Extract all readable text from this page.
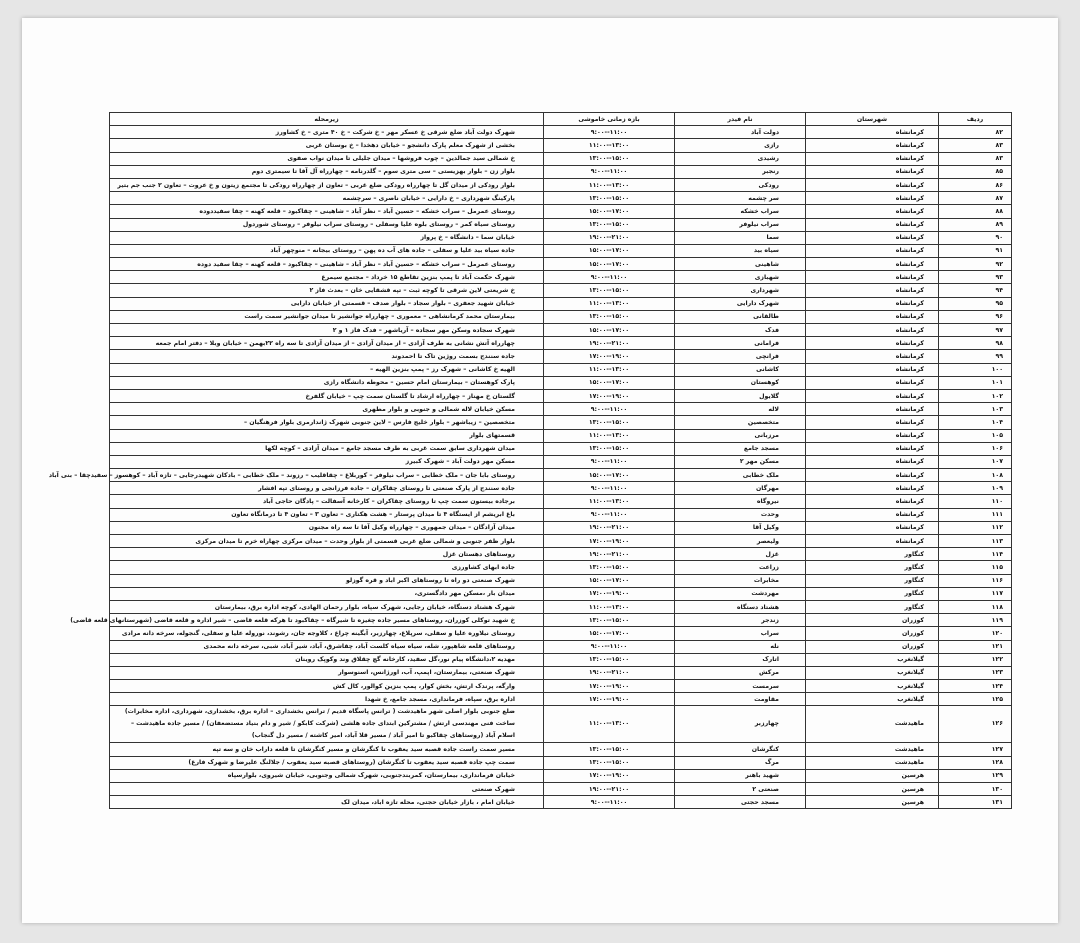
ردیف	شهرستان	نام فیدر	بازه زمانی خاموشی	زیرمحله
۸۲	کرمانشاه	دولت آباد	۹:۰۰--۱۱:۰۰	شهرک دولت آباد ضلع شرقی خ عسکر مهر – خ شرکت – خ ۴۰ متری – خ کشاورز
۸۳	کرمانشاه	رازی	۱۱:۰۰--۱۳:۰۰	بخشی از شهرک معلم پارک دانشجو – خیابان دهخدا – خ بوستان غربی
۸۳	کرمانشاه	رشیدی	۱۳:۰۰--۱۵:۰۰	خ شمالی سید جمالدین – چوب فروشها – میدان جلیلی تا میدان نواب صفوی
۸۵	کرمانشاه	رنجبر	۹:۰۰--۱۱:۰۰	بلوار زن – بلوار بهزیستی – سی متری سوم – گلدرنامه – چهارراه آل آقا تا سیمتری دوم
۸۶	کرمانشاه	رودکی	۱۱:۰۰--۱۳:۰۰	بلوار رودکی از میدان گل تا چهارراه رودکی ضلع غربی – تعاون از چهارراه رودکی تا مجتمع زیتون و خ عروت – تعاون ۲ جنب جم بتیر
۸۷	کرمانشاه	سر چشمه	۱۳:۰۰--۱۵:۰۰	پارکینگ شهرداری – خ دارایی – خیابان ناصری – سرچشمه
۸۸	کرمانشاه	سراب خشکه	۱۵:۰۰--۱۷:۰۰	روستای عمرمل – سراب خشکه – حسین آباد – نظر آباد – شاهینی – چقاکبود – قلعه کهنه – چقا سفیددوده
۸۹	کرمانشاه	سراب نیلوفر	۱۳:۰۰--۱۵:۰۰	روستای سیاه کمر – روستای بلوه علیا وسفلی – روستای سراب نیلوفر – روستای شوردول
۹۰	کرمانشاه	سما	۱۹:۰۰--۲۱:۰۰	خیابان سما – دانشگاه – خ پرواز
۹۱	کرمانشاه	سیاه بید	۱۵:۰۰--۱۷:۰۰	جاده سیاه بید علیا و سفلی – جاده های آب ده پهن – روستای بیجانه – منوچهر آباد
۹۲	کرمانشاه	شاهینی	۱۵:۰۰--۱۷:۰۰	روستای عمرمل – سراب خشکه – حسین آباد – نظر آباد – شاهینی – چقاکبود – قلعه کهنه – چقا سفید دوده
۹۳	کرمانشاه	شهبازی	۹:۰۰--۱۱:۰۰	شهرک حکمت آباد تا پمپ بنزین تقاطع ۱۵ خرداد – مجتمع سیمرغ
۹۴	کرمانشاه	شهرداری	۱۳:۰۰--۱۵:۰۰	خ شریعتی لاین شرقی تا کوچه ثبت – تپه قشقایی خان – بعدث فاز ۲
۹۵	کرمانشاه	شهرک دارایی	۱۱:۰۰--۱۳:۰۰	خیابان شهید جعفری – بلوار سجاد – بلوار صدف – قسمتی از خیابان دارایی
۹۶	کرمانشاه	طالقانی	۱۳:۰۰--۱۵:۰۰	بیمارستان محمد کرمانشاهی – معموری – چهارراه جوانشیر تا میدان جوانشیر سمت راست
۹۷	کرمانشاه	فدک	۱۵:۰۰--۱۷:۰۰	شهرک سجاده وسکن مهر سجاده – آریاشهر – فدک فاز ۱ و ۲
۹۸	کرمانشاه	فرامانی	۱۹:۰۰--۲۱:۰۰	چهارراه آتش نشانی به طرف آزادی – از میدان آزادی – از میدان آزادی تا سه راه ۲۲بهمن – خیابان وبلا – دفتر امام جمعه
۹۹	کرمانشاه	فرانچی	۱۷:۰۰--۱۹:۰۰	جاده سنندج بسمت روژین تاک تا احمدوند
۱۰۰	کرمانشاه	کاشانی	۱۱:۰۰--۱۳:۰۰	الهیه خ کاشانی – شهرک رز – پمپ بنزین الهیه –
۱۰۱	کرمانشاه	کوهستان	۱۵:۰۰--۱۷:۰۰	پارک کوهستان – بیمارستان امام حسین – محوطه دانشگاه رازی
۱۰۲	کرمانشاه	گلایول	۱۷:۰۰--۱۹:۰۰	گلستان خ مهناز – چهارراه ارشاد تا گلستان سمت چپ – خیابان گلفرخ
۱۰۳	کرمانشاه	لاله	۹:۰۰--۱۱:۰۰	مسکن خیابان لاله شمالی و جنوبی و بلوار مطهری
۱۰۴	کرمانشاه	متخصصین	۱۳:۰۰--۱۵:۰۰	متخصصین – زیباشهر – بلوار خلیج فارس – لاین جنوبی شهرک ژاندارمری بلوار فرهنگیان –
۱۰۵	کرمانشاه	مرزبانی	۱۱:۰۰--۱۳:۰۰	قسمتهای بلوار
۱۰۶	کرمانشاه	مسجد جامع	۱۳:۰۰--۱۵:۰۰	میدان شهرداری سابق سمت غربی به طرف مسجد جامع – میدان آزادی – کوچه لکها
۱۰۷	کرمانشاه	مسکن مهر ۲	۹:۰۰--۱۱:۰۰	مسکن مهر دولت آباد – شهرک کبیرز
۱۰۸	کرمانشاه	ملک خطابی	۱۵:۰۰--۱۷:۰۰	روستای بابا جان – ملک خطابی – سراب نیلوفر – کوربلاغ – چقاقلیب – رزوند – ملک خطابی – بادکان شهیدرجایی – تازه آباد – کوهسوز – سفیدچقا – بنی آباد
۱۰۹	کرمانشاه	مهرگان	۹:۰۰--۱۱:۰۰	جاده سنندج از پارک صنعتی تا روستای چقاکران – جاده فرزانجی و روستای تپه افشار
۱۱۰	کرمانشاه	نیروگاه	۱۱:۰۰--۱۳:۰۰	برجاده بیستون سمت چپ تا روستای چقاکران – کارخانه آسفالت – پادگان حاجی آباد
۱۱۱	کرمانشاه	وحدت	۹:۰۰--۱۱:۰۰	باغ ابریشم از ایستگاه ۴ تا میدان پرستار – هشت هکتاری – تعاون ۳ – تعاون ۴ تا درمانگاه تعاون
۱۱۲	کرمانشاه	وکیل آقا	۱۹:۰۰--۲۱:۰۰	میدان آزادگان – میدان جمهوری – چهارراه وکیل آقا تا سه راه مجنون
۱۱۳	کرمانشاه	ولیعصر	۱۷:۰۰--۱۹:۰۰	بلوار ظفر جنوبی و شمالی ضلع غربی قسمتی از بلوار وحدت – میدان مرکزی چهاراه خرم تا میدان مرکزی
۱۱۴	کنگاور	غزل	۱۹:۰۰--۲۱:۰۰	روستاهای دهستان غزل
۱۱۵	کنگاور	زراعت	۱۳:۰۰--۱۵:۰۰	جاده ابهای کشاورزی
۱۱۶	کنگاور	مخابرات	۱۵:۰۰--۱۷:۰۰	شهرک صنعتی دو راه تا روستاهای اکبر اباد و قره گوزلو
۱۱۷	کنگاور	مهردشت	۱۷:۰۰--۱۹:۰۰	میدان بار ،مسکن مهر دادگستری،
۱۱۸	کنگاور	هشتاد دستگاه	۱۱:۰۰--۱۳:۰۰	شهرک هشتاد دستگاه، خیابان رجایی، شهرک سپاه، بلوار رحمان الهادی، کوچه اداره برق، بیمارستان
۱۱۹	کوزران	زندجر	۱۳:۰۰--۱۵:۰۰	خ شهید توکلی کوزران، روستاهای مسیر جاده چغیزه تا شیرگاه – چقاکبود تا هرکه قلعه قاضی – شیر اداره و قلعه قاضی (شهرستانهای قلعه قاضی)
۱۲۰	کوزران	سراب	۱۵:۰۰--۱۷:۰۰	روستای نیلاوره علیا و سفلی، سرپلاغ، چهارزبر، آبگینه چراغ ، کلاوجه جان، رشوند، نوروله علیا و سفلی، گنجوله، سرخه دانه مرادی
۱۲۱	کوزران	نله	۹:۰۰--۱۱:۰۰	روستاهای قلعه شاهپور، شله، سیاه سیاه کلست آباد، چقاشرق، آباد، شیر آباد، شبی، سرخه دانه محمدی
۱۲۲	گیلانغرب	اتارک	۱۳:۰۰--۱۵:۰۰	مهدیه ۲،دانشگاه پیام نور،گل سفید، کارخانه گچ چقلاق وند وکوپک روینان
۱۲۳	گیلانغرب	مرکش	۱۹:۰۰--۲۱:۰۰	شهرک صنعتی، بیمارستان، اپمپ، آب، اورژانس، اسنوسوار
۱۲۴	گیلانغرب	سرمست	۱۷:۰۰--۱۹:۰۰	وارگه، پرندک ارتش، بخش کوار، پمپ بنزین کوالور، کال کش
۱۲۵	گیلانغرب	مقاومت	۱۷:۰۰--۱۹:۰۰	اداره برق، سپاه، فرمانداری، مسجد جامع، خ شهدا
۱۲۶	ماهیدشت	چهارزبر	۱۱:۰۰--۱۳:۰۰	ضلع جنوبی بلوار اصلی شهر ماهیدشت ( ترانس پاسگاه قدیم / ترانس بخشداری – اداره برق، بخشداری، شهرداری، اداره مخابرات) ساخت فنی مهندسی ارتش / مشترکین ابتدای جاده هلشی (شرکت کابکو / شیر و دام بنیاد مستضعفان) / مسیر جاده ماهیدشت – اسلام آباد (روستاهای چقاکبو تا امیر آباد / مسیر قلا آباد، امیر کاشته / مسیر دل گنجاب)
۱۲۷	ماهیدشت	کنگرشان	۱۳:۰۰--۱۵:۰۰	مسیر سمت راست جاده قصبه سید یعقوب تا کنگرشان و مسیر کنگرشان تا قلعه داراب خان و سه تپه
۱۲۸	ماهیدشت	مرگ	۱۳:۰۰--۱۵:۰۰	سمت چپ جاده قصبه سید یعقوب تا کنگرشان (روستاهای قصبه سید یعقوب / جلالنگ علیرضا و شهرک فارغ)
۱۲۹	هرسین	شهید باهنر	۱۷:۰۰--۱۹:۰۰	خیابان فرمانداری، بیمارستان، کمربندجنوبی، شهرک شمالی وجنوبی، خیابان شیروی، بلوارسپاه
۱۳۰	هرسین	صنعتی ۲	۱۹:۰۰--۲۱:۰۰	شهرک صنعتی
۱۳۱	هرسین	مسجد حجتی	۹:۰۰--۱۱:۰۰	خیابان امام ، بازار خیابان حجتی، محله تازه اباد، میدان لک
